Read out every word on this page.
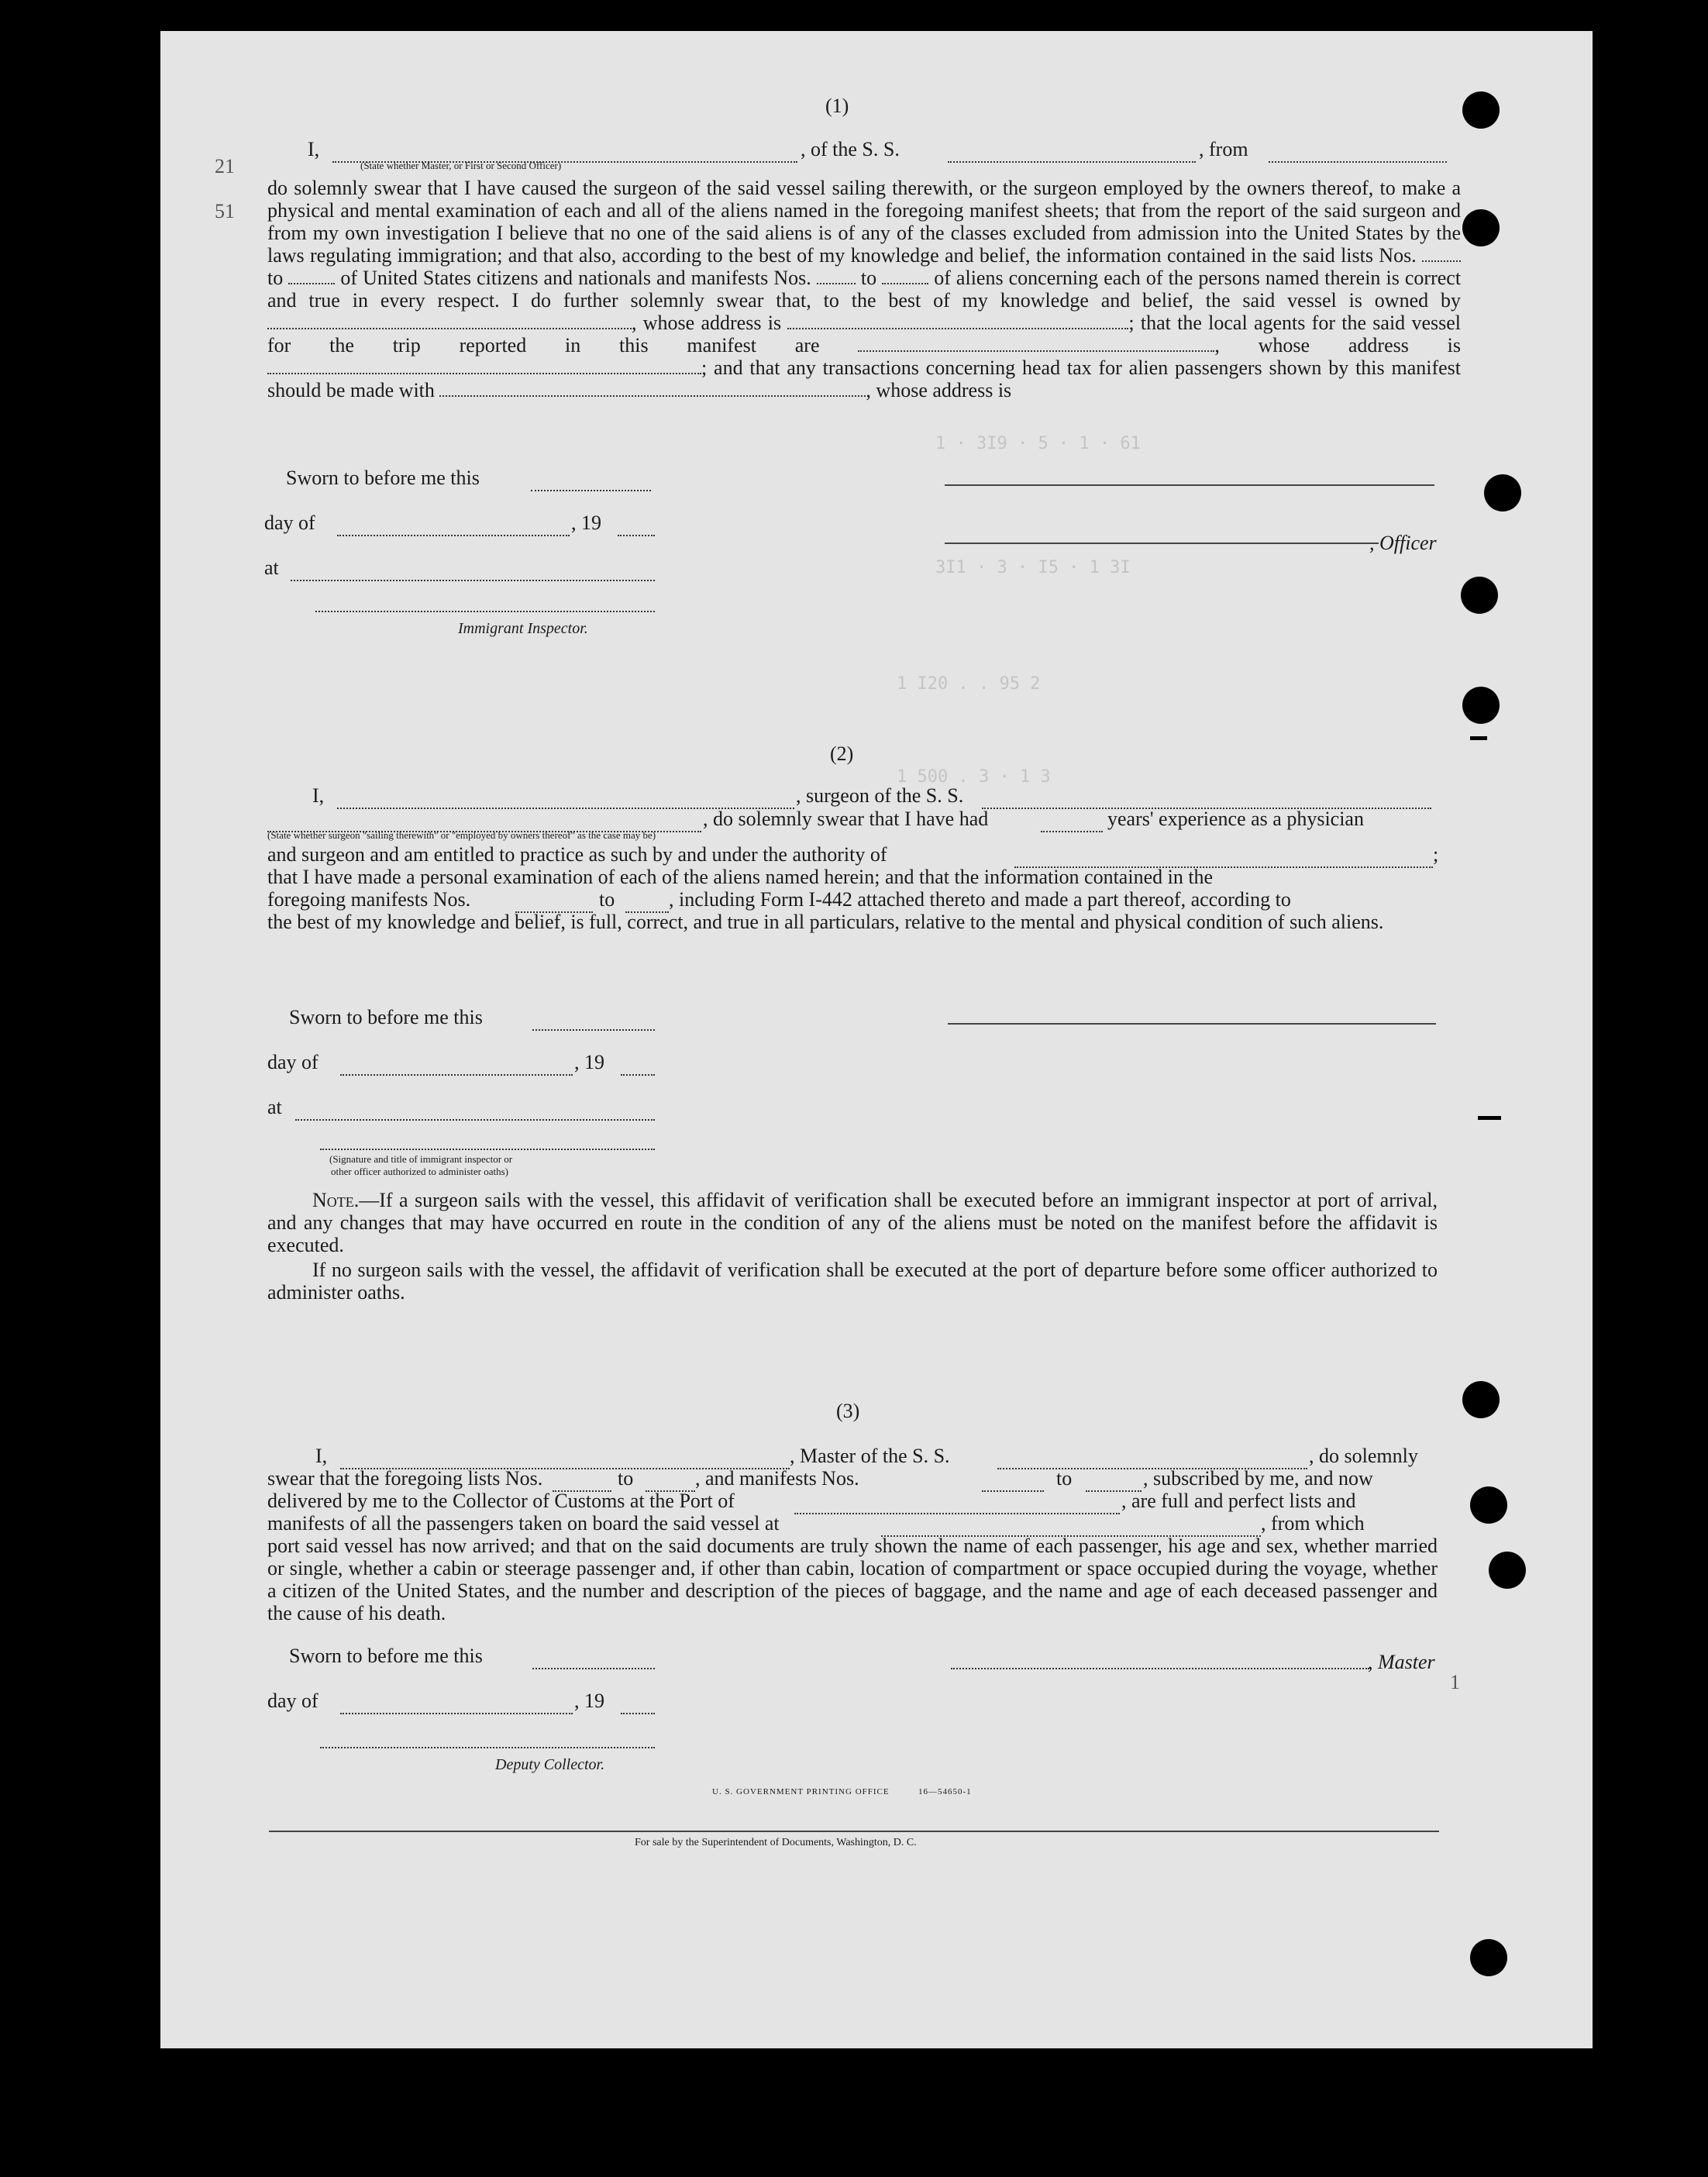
1 · 3I9 · 5 · 1 · 61
3I1 · 3 · I5 · 1 3I
1 I20 . . 95 2
1 500 . 3 · 1 3
(1)
I,	, of the S. S.	, from
(State whether Master, or First or Second Officer)
do solemnly swear that I have caused the surgeon of the said vessel sailing therewith, or the surgeon employed by the owners thereof, to make a physical and mental examination of each and all of the aliens named in the foregoing manifest sheets; that from the report of the said surgeon and from my own investigation I believe that no one of the said aliens is of any of the classes excluded from admission into the United States by the laws regulating immigration; and that also, according to the best of my knowledge and belief, the information contained in the said lists Nos.  to	of United States citizens and nationals and manifests Nos. to	of aliens concerning each of the persons named therein is correct and true in every respect. I do further solemnly swear that, to the best of my knowledge and belief, the said vessel is owned by , whose address is	; that the local agents for the said vessel for the trip reported in this manifest are	, whose address is ; and that any transactions concerning head tax for alien passengers shown by this manifest should be made with	, whose address is
Sworn to before me this
day of	, 19
, Officer
at
Immigrant Inspector.
(2)
I,	, surgeon of the S. S.
, do solemnly swear that I have had	years' experience as a physician
(State whether surgeon "sailing therewith" or "employed by owners thereof" as the case may be)
and surgeon and am entitled to practice as such by and under the authority of	;
that I have made a personal examination of each of the aliens named herein; and that the information contained in the
foregoing manifests Nos.	to	, including Form I-442 attached thereto and made a part thereof, according to
the best of my knowledge and belief, is full, correct, and true in all particulars, relative to the mental and physical condition of such aliens.
Sworn to before me this
day of	, 19
at
(Signature and title of immigrant inspector or
other officer authorized to administer oaths)
Note.—If a surgeon sails with the vessel, this affidavit of verification shall be executed before an immigrant inspector at port of arrival, and any changes that may have occurred en route in the condition of any of the aliens must be noted on the manifest before the affidavit is executed.
If no surgeon sails with the vessel, the affidavit of verification shall be executed at the port of departure before some officer authorized to administer oaths.
(3)
I,	, Master of the S. S.	, do solemnly
swear that the foregoing lists Nos.	to	, and manifests Nos.	to	, subscribed by me, and now
delivered by me to the Collector of Customs at the Port of	, are full and perfect lists and
manifests of all the passengers taken on board the said vessel at	, from which
port said vessel has now arrived; and that on the said documents are truly shown the name of each passenger, his age and sex, whether married or single, whether a cabin or steerage passenger and, if other than cabin, location of compartment or space occupied during the voyage, whether a citizen of the United States, and the number and description of the pieces of baggage, and the name and age of each deceased passenger and the cause of his death.
Sworn to before me this	, Master
day of	, 19
Deputy Collector.
U. S. GOVERNMENT PRINTING OFFICE	16—54650-1
For sale by the Superintendent of Documents, Washington, D. C.
21
51
1
